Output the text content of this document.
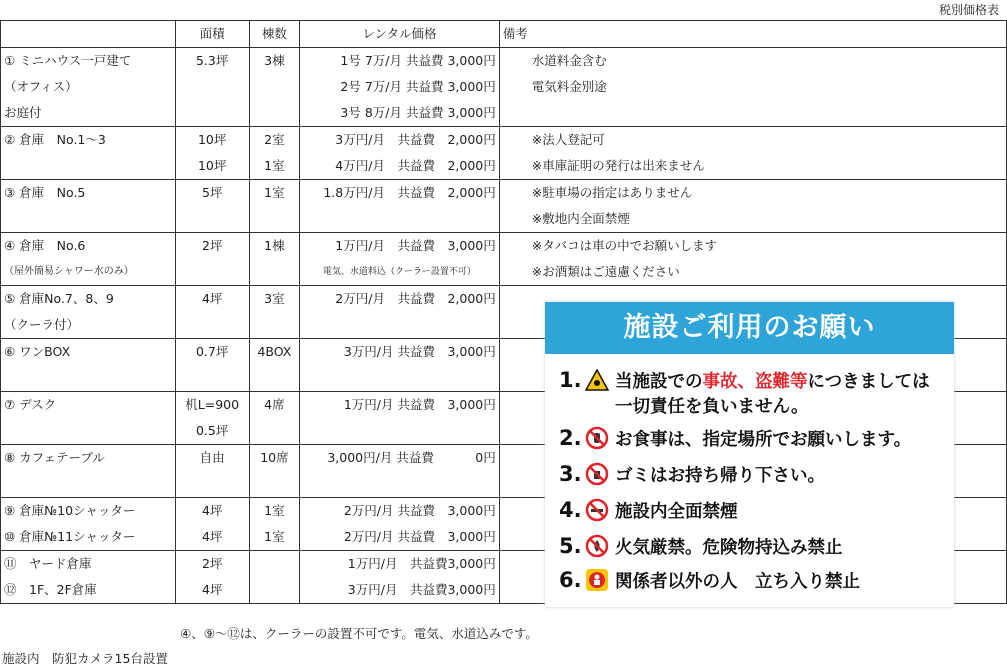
税別価格表
	面積	棟数	レンタル価格	備考
① ミニハウス一戸建て	5.3坪	3棟	1号 7万/月 共益費 3,000円	水道料金含む
（オフィス）			2号 7万/月 共益費 3,000円	電気料金別途
お庭付			3号 8万/月 共益費 3,000円	
② 倉庫　No.1～3	10坪	2室	3万円/月　共益費　2,000円	※法人登記可
	10坪	1室	4万円/月　共益費　2,000円	※車庫証明の発行は出来ません
③ 倉庫　No.5	5坪	1室	1.8万円/月　共益費　2,000円	※駐車場の指定はありません
				※敷地内全面禁煙
④ 倉庫　No.6	2坪	1棟	1万円/月　共益費　3,000円	※タバコは車の中でお願いします
（屋外簡易シャワー水のみ）			電気、水道料込（クーラー設置不可）	※お酒類はご遠慮ください
⑤ 倉庫No.7、8、9	4坪	3室	2万円/月　共益費　2,000円	
（クーラ付）				
⑥ ワンBOX	0.7坪	4BOX	3万円/月 共益費　3,000円	

⑦ デスク	机L=900	4席	1万円/月 共益費　3,000円	
	0.5坪			
⑧ カフェテーブル	自由	10席	3,000円/月 共益費　　　 0円	

⑨ 倉庫№10シャッター	4坪	1室	2万円/月 共益費　3,000円	
⑩ 倉庫№11シャッター	4坪	1室	2万円/月 共益費　3,000円	
⑪　ヤード倉庫	2坪		1万円/月　共益費3,000円	
⑫　1F、2F倉庫	4坪		3万円/月　共益費3,000円	
④、⑨～⑫は、クーラーの設置不可です。電気、水道込みです。
施設内　防犯カメラ15台設置
施設ご利用のお願い
1. 当施設での事故、盗難等につきましては
一切責任を負いません。
2. お食事は、指定場所でお願いします。
3. ゴミはお持ち帰り下さい。
4. 施設内全面禁煙
5. 火気厳禁。危険物持込み禁止
6. 関係者以外の人　立ち入り禁止
